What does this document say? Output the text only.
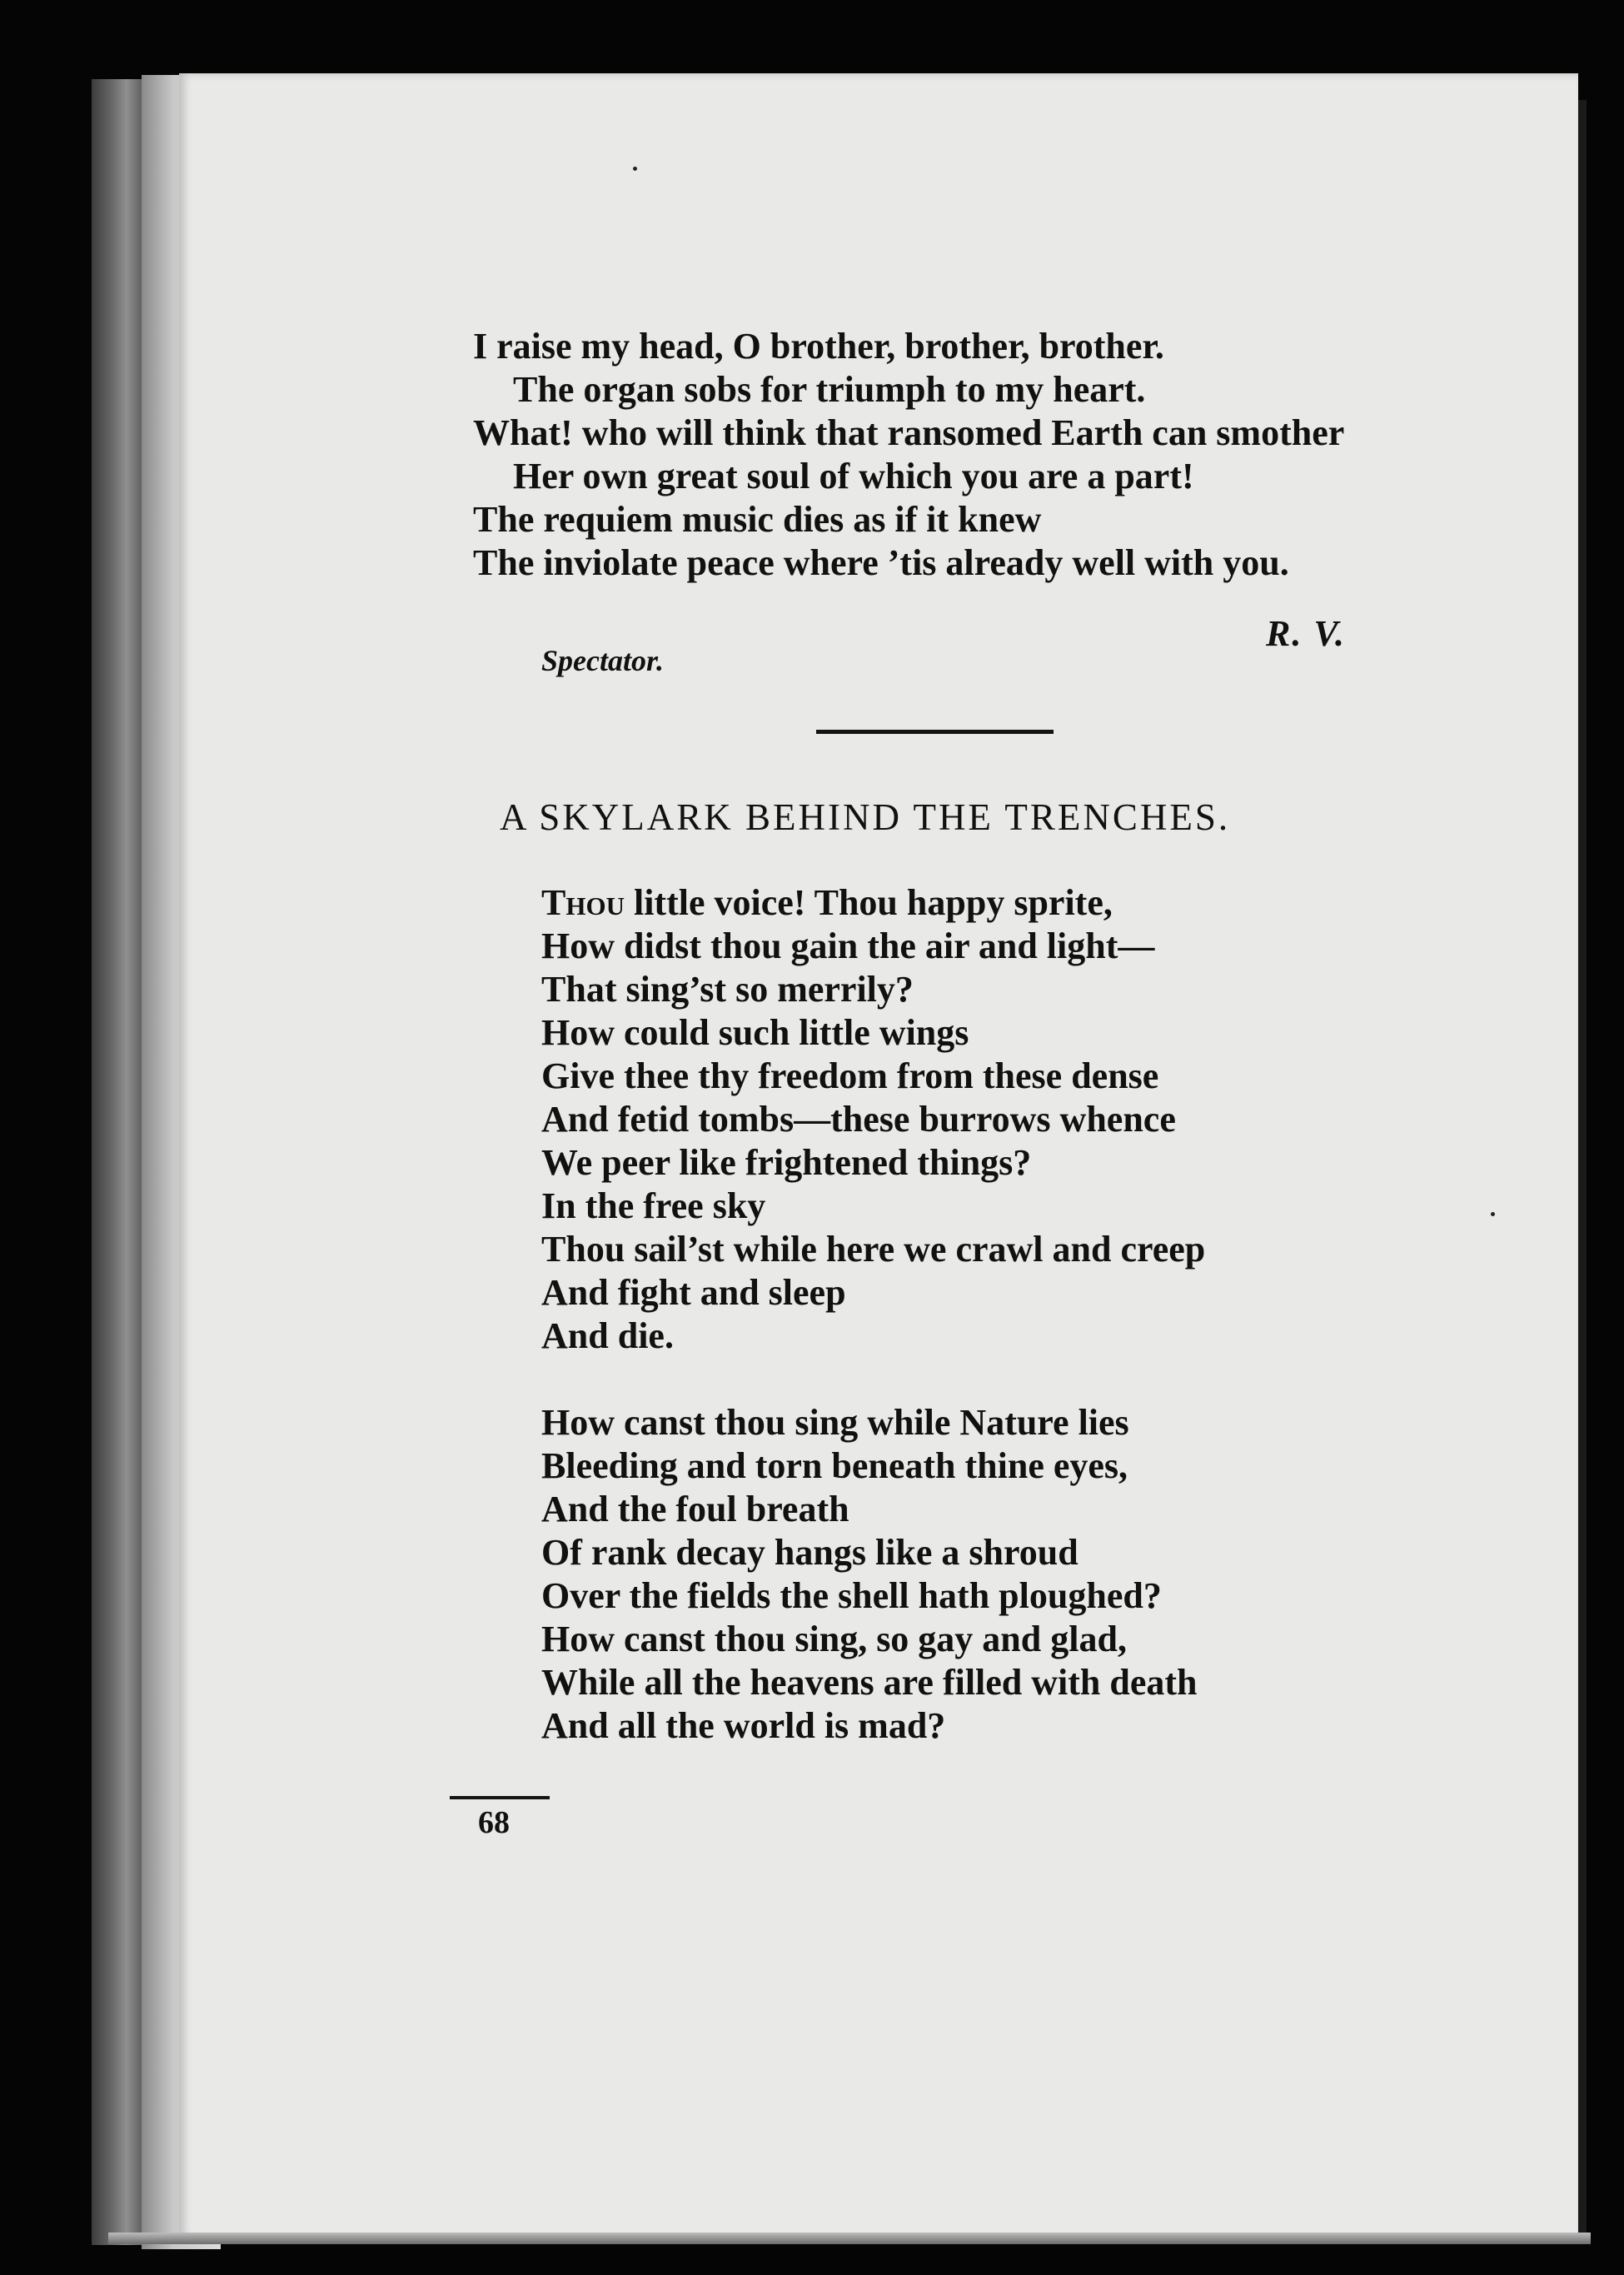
I raise my head, O brother, brother, brother.
The organ sobs for triumph to my heart.
What! who will think that ransomed Earth can smother
Her own great soul of which you are a part!
The requiem music dies as if it knew
The inviolate peace where ’tis already well with you.
R. V.
Spectator.
A SKYLARK BEHIND THE TRENCHES.
Thou little voice! Thou happy sprite,
How didst thou gain the air and light—
That sing’st so merrily?
How could such little wings
Give thee thy freedom from these dense
And fetid tombs—these burrows whence
We peer like frightened things?
In the free sky
Thou sail’st while here we crawl and creep
And fight and sleep
And die.
How canst thou sing while Nature lies
Bleeding and torn beneath thine eyes,
And the foul breath
Of rank decay hangs like a shroud
Over the fields the shell hath ploughed?
How canst thou sing, so gay and glad,
While all the heavens are filled with death
And all the world is mad?
68
